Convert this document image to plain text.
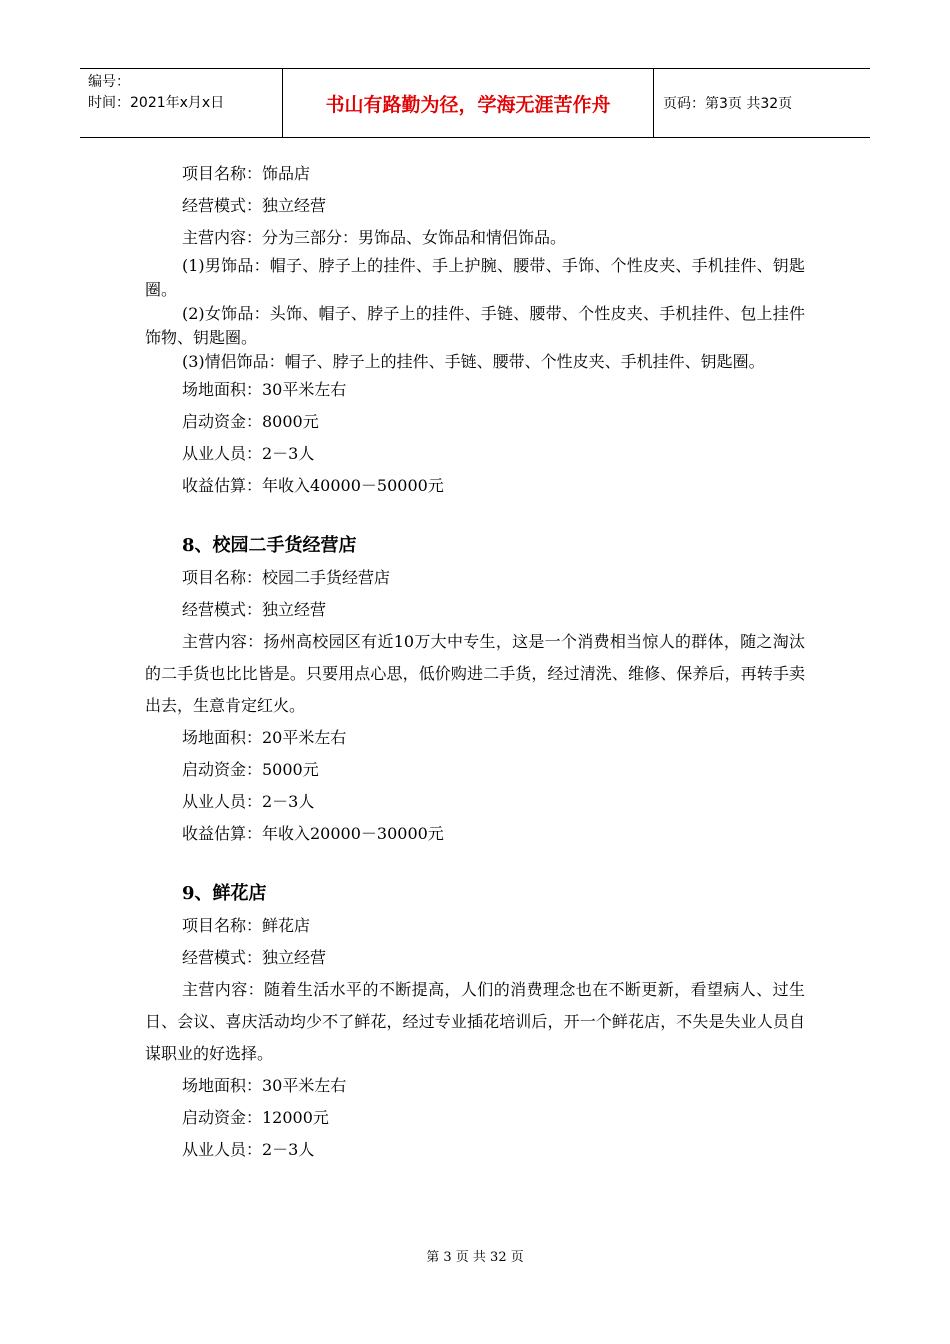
编号：
时间：2021年x月x日	书山有路勤为径，学海无涯苦作舟	页码：第3页 共32页

项目名称：饰品店

经营模式：独立经营

主营内容：分为三部分：男饰品、女饰品和情侣饰品。

(1)男饰品：帽子、脖子上的挂件、手上护腕、腰带、手饰、个性皮夹、手机挂件、钥匙圈。

(2)女饰品：头饰、帽子、脖子上的挂件、手链、腰带、个性皮夹、手机挂件、包上挂件饰物、钥匙圈。

(3)情侣饰品：帽子、脖子上的挂件、手链、腰带、个性皮夹、手机挂件、钥匙圈。

场地面积：30平米左右

启动资金：8000元

从业人员：2－3人

收益估算：年收入40000－50000元

8、校园二手货经营店

项目名称：校园二手货经营店

经营模式：独立经营

主营内容：扬州高校园区有近10万大中专生，这是一个消费相当惊人的群体，随之淘汰的二手货也比比皆是。只要用点心思，低价购进二手货，经过清洗、维修、保养后，再转手卖出去，生意肯定红火。

场地面积：20平米左右

启动资金：5000元

从业人员：2－3人

收益估算：年收入20000－30000元

9、鲜花店

项目名称：鲜花店

经营模式：独立经营

主营内容：随着生活水平的不断提高，人们的消费理念也在不断更新，看望病人、过生日、会议、喜庆活动均少不了鲜花，经过专业插花培训后，开一个鲜花店，不失是失业人员自谋职业的好选择。

场地面积：30平米左右

启动资金：12000元

从业人员：2－3人

第 3 页 共 32 页
